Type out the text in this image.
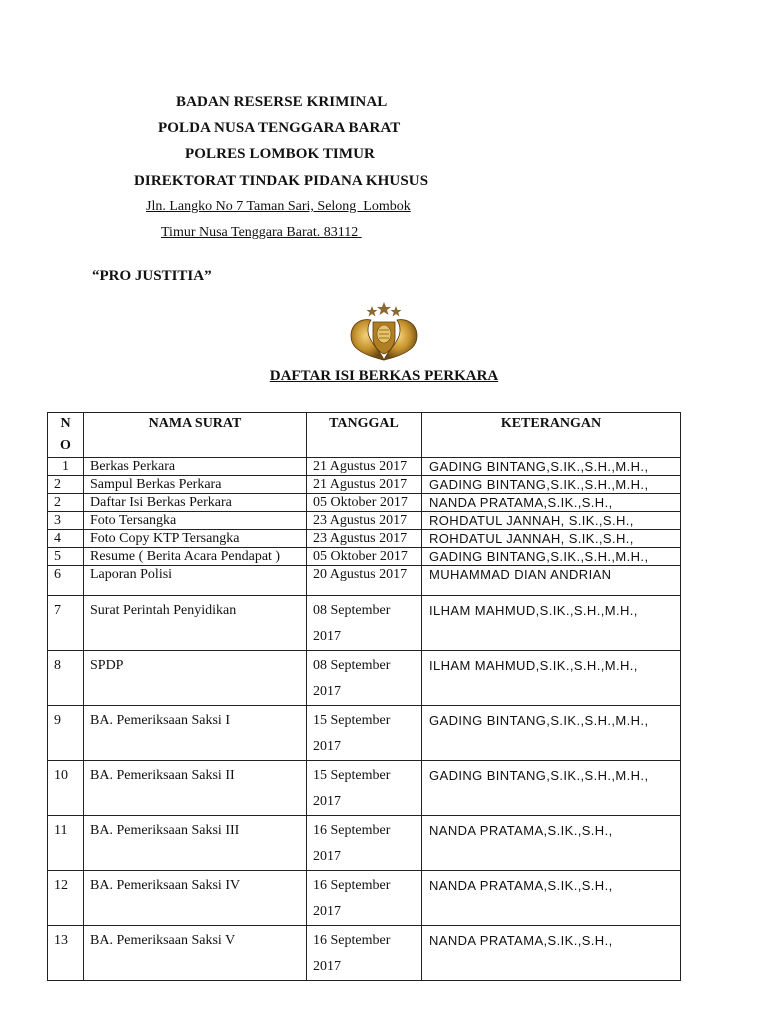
BADAN RESERSE KRIMINAL
POLDA NUSA TENGGARA BARAT
POLRES LOMBOK TIMUR
DIREKTORAT TINDAK PIDANA KHUSUS
Jln. Langko No 7 Taman Sari, Selong  Lombok
Timur Nusa Tenggara Barat. 83112
“PRO JUSTITIA”
DAFTAR ISI BERKAS PERKARA
N
O	NAMA SURAT	TANGGAL	KETERANGAN
1	Berkas Perkara	21 Agustus 2017	GADING BINTANG,S.IK.,S.H.,M.H.,
2	Sampul Berkas Perkara	21 Agustus 2017	GADING BINTANG,S.IK.,S.H.,M.H.,
2	Daftar Isi Berkas Perkara	05 Oktober 2017	NANDA PRATAMA,S.IK.,S.H.,
3	Foto Tersangka	23 Agustus 2017	ROHDATUL JANNAH, S.IK.,S.H.,
4	Foto Copy KTP Tersangka	23 Agustus 2017	ROHDATUL JANNAH, S.IK.,S.H.,
5	Resume ( Berita Acara Pendapat )	05 Oktober 2017	GADING BINTANG,S.IK.,S.H.,M.H.,
6	Laporan Polisi	20 Agustus 2017	MUHAMMAD DIAN ANDRIAN
7	Surat Perintah Penyidikan	08 September 2017	ILHAM MAHMUD,S.IK.,S.H.,M.H.,
8	SPDP	08 September 2017	ILHAM MAHMUD,S.IK.,S.H.,M.H.,
9	BA. Pemeriksaan Saksi I	15 September 2017	GADING BINTANG,S.IK.,S.H.,M.H.,
10	BA. Pemeriksaan Saksi II	15 September 2017	GADING BINTANG,S.IK.,S.H.,M.H.,
11	BA. Pemeriksaan Saksi III	16 September 2017	NANDA PRATAMA,S.IK.,S.H.,
12	BA. Pemeriksaan Saksi IV	16 September 2017	NANDA PRATAMA,S.IK.,S.H.,
13	BA. Pemeriksaan Saksi V	16 September 2017	NANDA PRATAMA,S.IK.,S.H.,
